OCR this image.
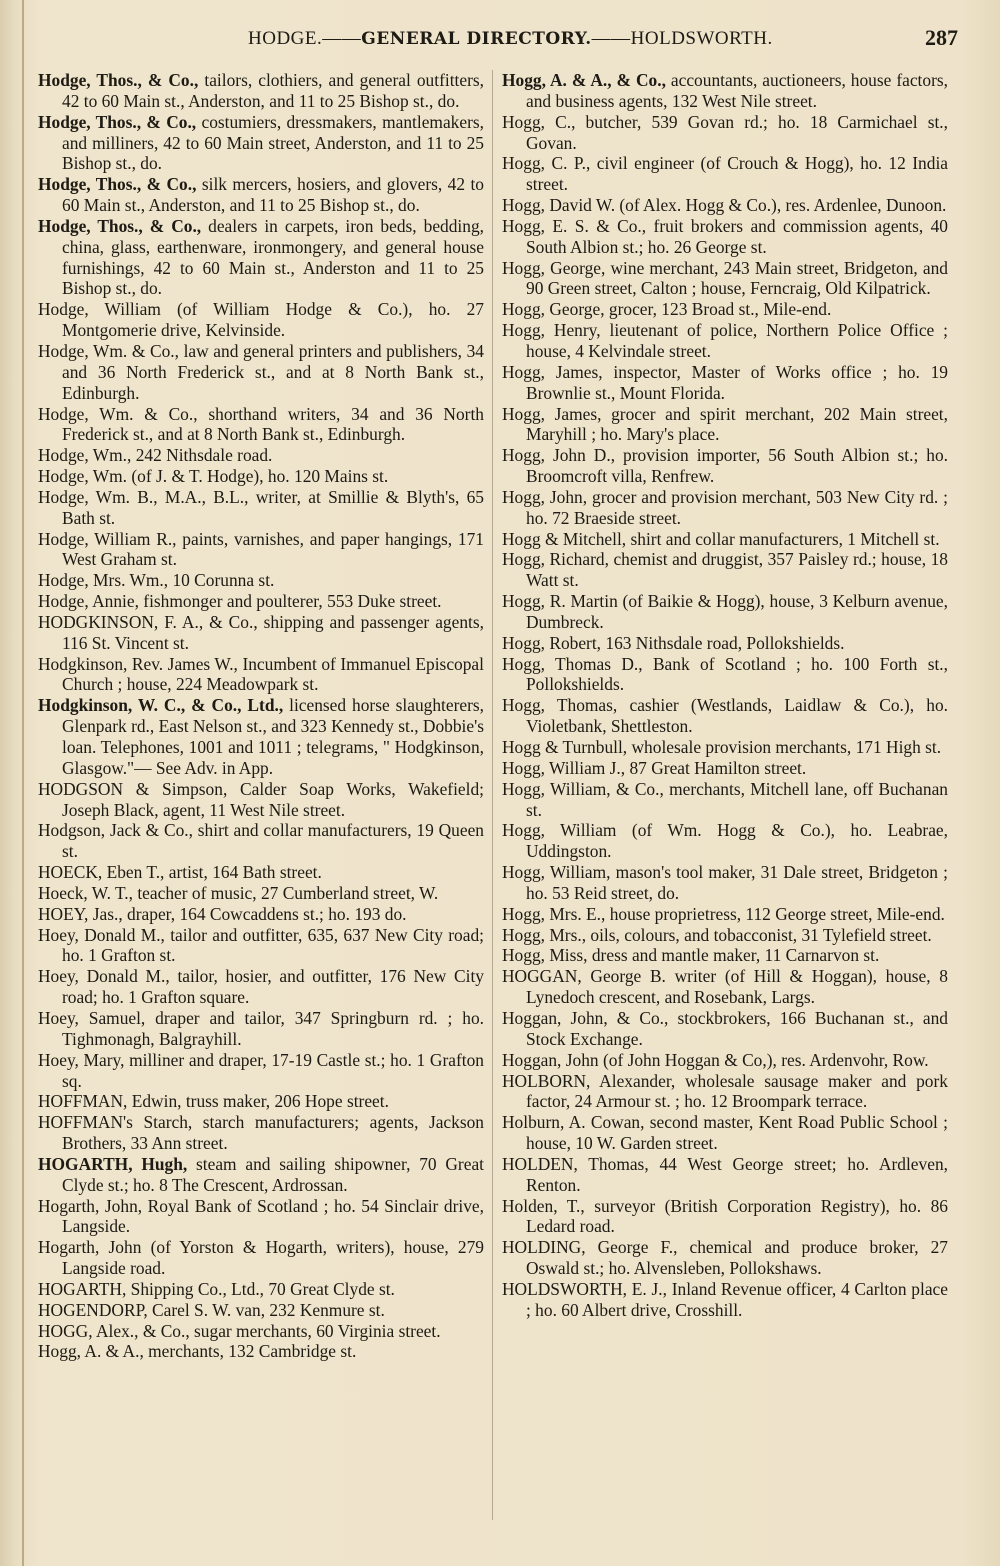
HODGE.——GENERAL DIRECTORY.——HOLDSWORTH.	287

Hodge, Thos., & Co., tailors, clothiers, and general outfitters, 42 to 60 Main st., Anderston, and 11 to 25 Bishop st., do.

Hodge, Thos., & Co., costumiers, dressmakers, mantlemakers, and milliners, 42 to 60 Main street, Anderston, and 11 to 25 Bishop st., do.

Hodge, Thos., & Co., silk mercers, hosiers, and glovers, 42 to 60 Main st., Anderston, and 11 to 25 Bishop st., do.

Hodge, Thos., & Co., dealers in carpets, iron beds, bedding, china, glass, earthenware, ironmongery, and general house furnishings, 42 to 60 Main st., Anderston and 11 to 25 Bishop st., do.

Hodge, William (of William Hodge & Co.), ho. 27 Montgomerie drive, Kelvinside.

Hodge, Wm. & Co., law and general printers and publishers, 34 and 36 North Frederick st., and at 8 North Bank st., Edinburgh.

Hodge, Wm. & Co., shorthand writers, 34 and 36 North Frederick st., and at 8 North Bank st., Edinburgh.

Hodge, Wm., 242 Nithsdale road.

Hodge, Wm. (of J. & T. Hodge), ho. 120 Mains st.

Hodge, Wm. B., M.A., B.L., writer, at Smillie & Blyth's, 65 Bath st.

Hodge, William R., paints, varnishes, and paper hangings, 171 West Graham st.

Hodge, Mrs. Wm., 10 Corunna st.

Hodge, Annie, fishmonger and poulterer, 553 Duke street.

HODGKINSON, F. A., & Co., shipping and passenger agents, 116 St. Vincent st.

Hodgkinson, Rev. James W., Incumbent of Immanuel Episcopal Church ; house, 224 Meadowpark st.

Hodgkinson, W. C., & Co., Ltd., licensed horse slaughterers, Glenpark rd., East Nelson st., and 323 Kennedy st., Dobbie's loan. Telephones, 1001 and 1011 ; telegrams, " Hodgkinson, Glasgow."— See Adv. in App.

HODGSON & Simpson, Calder Soap Works, Wakefield; Joseph Black, agent, 11 West Nile street.

Hodgson, Jack & Co., shirt and collar manufacturers, 19 Queen st.

HOECK, Eben T., artist, 164 Bath street.

Hoeck, W. T., teacher of music, 27 Cumberland street, W.

HOEY, Jas., draper, 164 Cowcaddens st.; ho. 193 do.

Hoey, Donald M., tailor and outfitter, 635, 637 New City road; ho. 1 Grafton st.

Hoey, Donald M., tailor, hosier, and outfitter, 176 New City road; ho. 1 Grafton square.

Hoey, Samuel, draper and tailor, 347 Springburn rd. ; ho. Tighmonagh, Balgrayhill.

Hoey, Mary, milliner and draper, 17-19 Castle st.; ho. 1 Grafton sq.

HOFFMAN, Edwin, truss maker, 206 Hope street.

HOFFMAN's Starch, starch manufacturers; agents, Jackson Brothers, 33 Ann street.

HOGARTH, Hugh, steam and sailing shipowner, 70 Great Clyde st.; ho. 8 The Crescent, Ardrossan.

Hogarth, John, Royal Bank of Scotland ; ho. 54 Sinclair drive, Langside.

Hogarth, John (of Yorston & Hogarth, writers), house, 279 Langside road.

HOGARTH, Shipping Co., Ltd., 70 Great Clyde st.

HOGENDORP, Carel S. W. van, 232 Kenmure st.

HOGG, Alex., & Co., sugar merchants, 60 Virginia street.

Hogg, A. & A., merchants, 132 Cambridge st.

Hogg, A. & A., & Co., accountants, auctioneers, house factors, and business agents, 132 West Nile street.

Hogg, C., butcher, 539 Govan rd.; ho. 18 Carmichael st., Govan.

Hogg, C. P., civil engineer (of Crouch & Hogg), ho. 12 India street.

Hogg, David W. (of Alex. Hogg & Co.), res. Ardenlee, Dunoon.

Hogg, E. S. & Co., fruit brokers and commission agents, 40 South Albion st.; ho. 26 George st.

Hogg, George, wine merchant, 243 Main street, Bridgeton, and 90 Green street, Calton ; house, Ferncraig, Old Kilpatrick.

Hogg, George, grocer, 123 Broad st., Mile-end.

Hogg, Henry, lieutenant of police, Northern Police Office ; house, 4 Kelvindale street.

Hogg, James, inspector, Master of Works office ; ho. 19 Brownlie st., Mount Florida.

Hogg, James, grocer and spirit merchant, 202 Main street, Maryhill ; ho. Mary's place.

Hogg, John D., provision importer, 56 South Albion st.; ho. Broomcroft villa, Renfrew.

Hogg, John, grocer and provision merchant, 503 New City rd. ; ho. 72 Braeside street.

Hogg & Mitchell, shirt and collar manufacturers, 1 Mitchell st.

Hogg, Richard, chemist and druggist, 357 Paisley rd.; house, 18 Watt st.

Hogg, R. Martin (of Baikie & Hogg), house, 3 Kelburn avenue, Dumbreck.

Hogg, Robert, 163 Nithsdale road, Pollokshields.

Hogg, Thomas D., Bank of Scotland ; ho. 100 Forth st., Pollokshields.

Hogg, Thomas, cashier (Westlands, Laidlaw & Co.), ho. Violetbank, Shettleston.

Hogg & Turnbull, wholesale provision merchants, 171 High st.

Hogg, William J., 87 Great Hamilton street.

Hogg, William, & Co., merchants, Mitchell lane, off Buchanan st.

Hogg, William (of Wm. Hogg & Co.), ho. Leabrae, Uddingston.

Hogg, William, mason's tool maker, 31 Dale street, Bridgeton ; ho. 53 Reid street, do.

Hogg, Mrs. E., house proprietress, 112 George street, Mile-end.

Hogg, Mrs., oils, colours, and tobacconist, 31 Tylefield street.

Hogg, Miss, dress and mantle maker, 11 Carnarvon st.

HOGGAN, George B. writer (of Hill & Hoggan), house, 8 Lynedoch crescent, and Rosebank, Largs.

Hoggan, John, & Co., stockbrokers, 166 Buchanan st., and Stock Exchange.

Hoggan, John (of John Hoggan & Co,), res. Ardenvohr, Row.

HOLBORN, Alexander, wholesale sausage maker and pork factor, 24 Armour st. ; ho. 12 Broompark terrace.

Holburn, A. Cowan, second master, Kent Road Public School ; house, 10 W. Garden street.

HOLDEN, Thomas, 44 West George street; ho. Ardleven, Renton.

Holden, T., surveyor (British Corporation Registry), ho. 86 Ledard road.

HOLDING, George F., chemical and produce broker, 27 Oswald st.; ho. Alvensleben, Pollokshaws.

HOLDSWORTH, E. J., Inland Revenue officer, 4 Carlton place ; ho. 60 Albert drive, Crosshill.
